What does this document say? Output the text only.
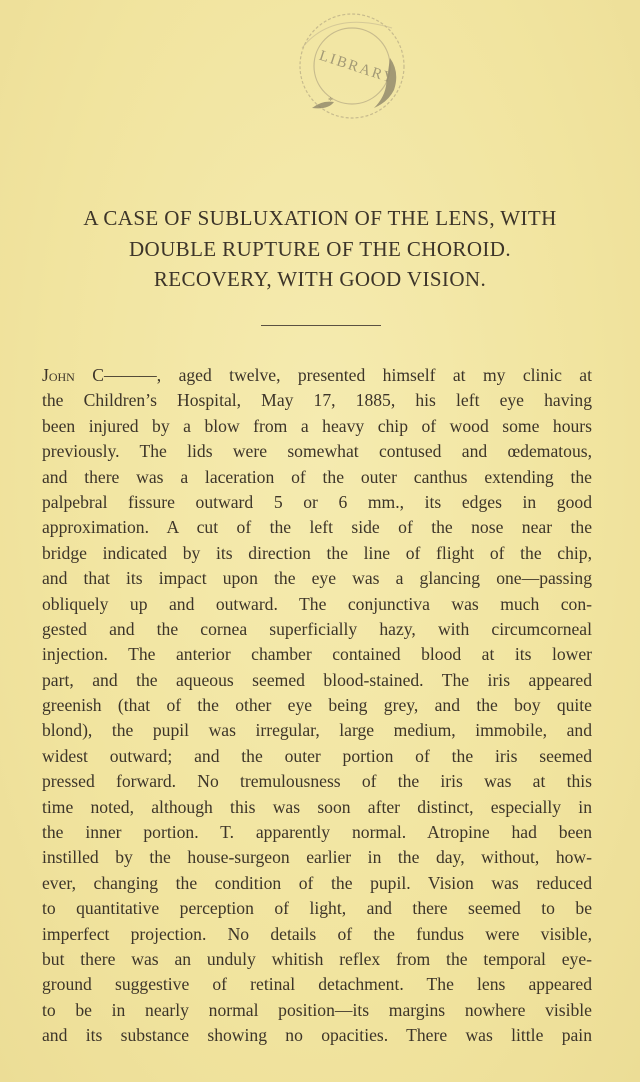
LIBRARY
*
A CASE OF SUBLUXATION OF THE LENS, WITH
DOUBLE RUPTURE OF THE CHOROID.
RECOVERY, WITH GOOD VISION.
John C———, aged twelve, presented himself at my clinic at
the Children’s Hospital, May 17, 1885, his left eye having
been injured by a blow from a heavy chip of wood some hours
previously. The lids were somewhat contused and œdematous,
and there was a laceration of the outer canthus extending the
palpebral fissure outward 5 or 6 mm., its edges in good
approximation. A cut of the left side of the nose near the
bridge indicated by its direction the line of flight of the chip,
and that its impact upon the eye was a glancing one—passing
obliquely up and outward. The conjunctiva was much con-
gested and the cornea superficially hazy, with circumcorneal
injection. The anterior chamber contained blood at its lower
part, and the aqueous seemed blood-stained. The iris appeared
greenish (that of the other eye being grey, and the boy quite
blond), the pupil was irregular, large medium, immobile, and
widest outward; and the outer portion of the iris seemed
pressed forward. No tremulousness of the iris was at this
time noted, although this was soon after distinct, especially in
the inner portion. T. apparently normal. Atropine had been
instilled by the house-surgeon earlier in the day, without, how-
ever, changing the condition of the pupil. Vision was reduced
to quantitative perception of light, and there seemed to be
imperfect projection. No details of the fundus were visible,
but there was an unduly whitish reflex from the temporal eye-
ground suggestive of retinal detachment. The lens appeared
to be in nearly normal position—its margins nowhere visible
and its substance showing no opacities. There was little pain
